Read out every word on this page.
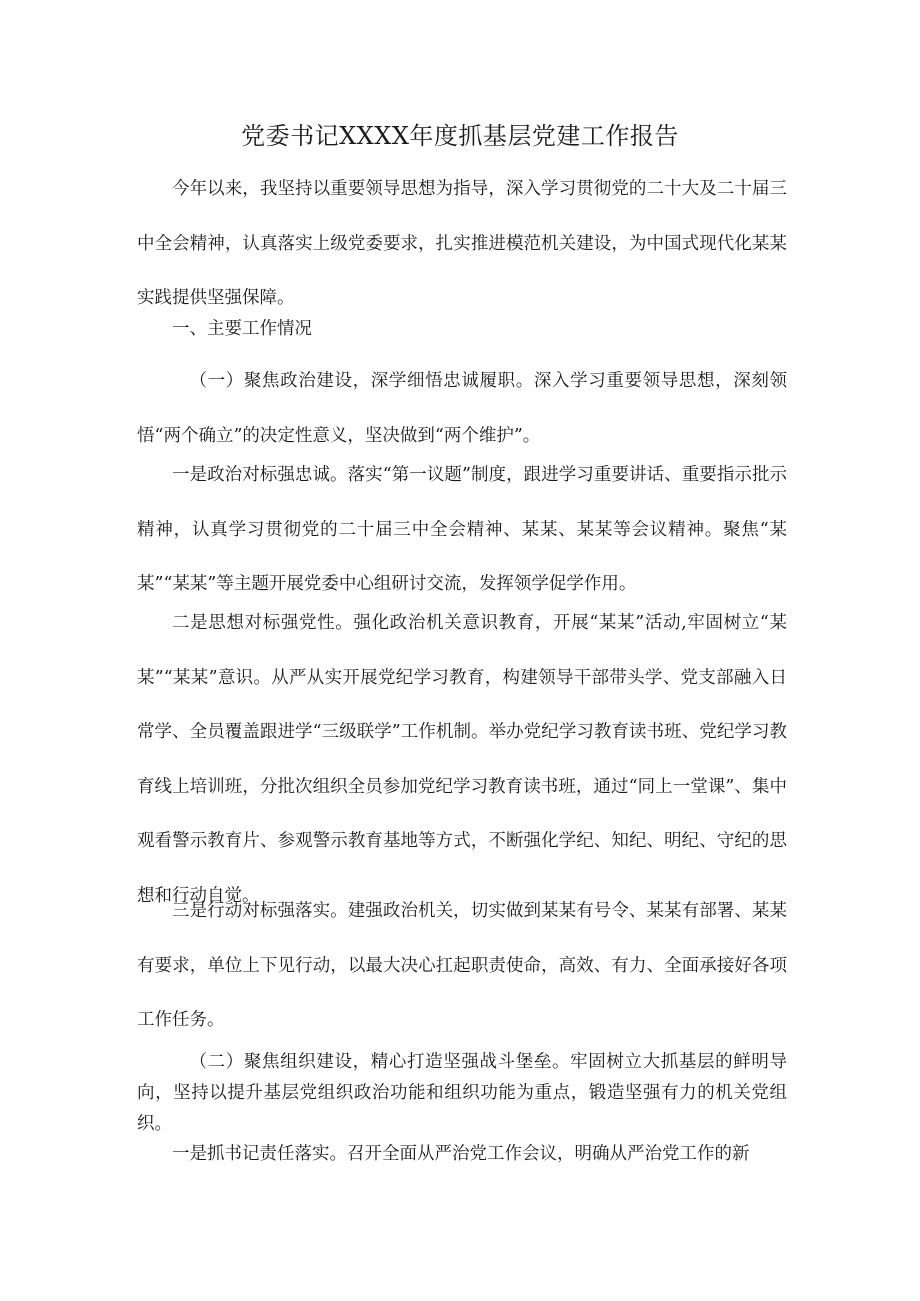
党委书记XXXX年度抓基层党建工作报告

今年以来，我坚持以重要领导思想为指导，深入学习贯彻党的二十大及二十届三中全会精神，认真落实上级党委要求，扎实推进模范机关建设，为中国式现代化某某实践提供坚强保障。

一、主要工作情况

（一）聚焦政治建设，深学细悟忠诚履职。深入学习重要领导思想，深刻领悟“两个确立”的决定性意义，坚决做到“两个维护”。

一是政治对标强忠诚。落实“第一议题”制度，跟进学习重要讲话、重要指示批示精神，认真学习贯彻党的二十届三中全会精神、某某、某某等会议精神。聚焦“某某”“某某”等主题开展党委中心组研讨交流，发挥领学促学作用。

二是思想对标强党性。强化政治机关意识教育，开展“某某”活动,牢固树立“某某”“某某”意识。从严从实开展党纪学习教育，构建领导干部带头学、党支部融入日常学、全员覆盖跟进学“三级联学”工作机制。举办党纪学习教育读书班、党纪学习教育线上培训班，分批次组织全员参加党纪学习教育读书班，通过“同上一堂课”、集中观看警示教育片、参观警示教育基地等方式，不断强化学纪、知纪、明纪、守纪的思想和行动自觉。

三是行动对标强落实。建强政治机关，切实做到某某有号令、某某有部署、某某有要求，单位上下见行动，以最大决心扛起职责使命，高效、有力、全面承接好各项工作任务。

（二）聚焦组织建设，精心打造坚强战斗堡垒。牢固树立大抓基层的鲜明导向，坚持以提升基层党组织政治功能和组织功能为重点，锻造坚强有力的机关党组织。

一是抓书记责任落实。召开全面从严治党工作会议，明确从严治党工作的新
